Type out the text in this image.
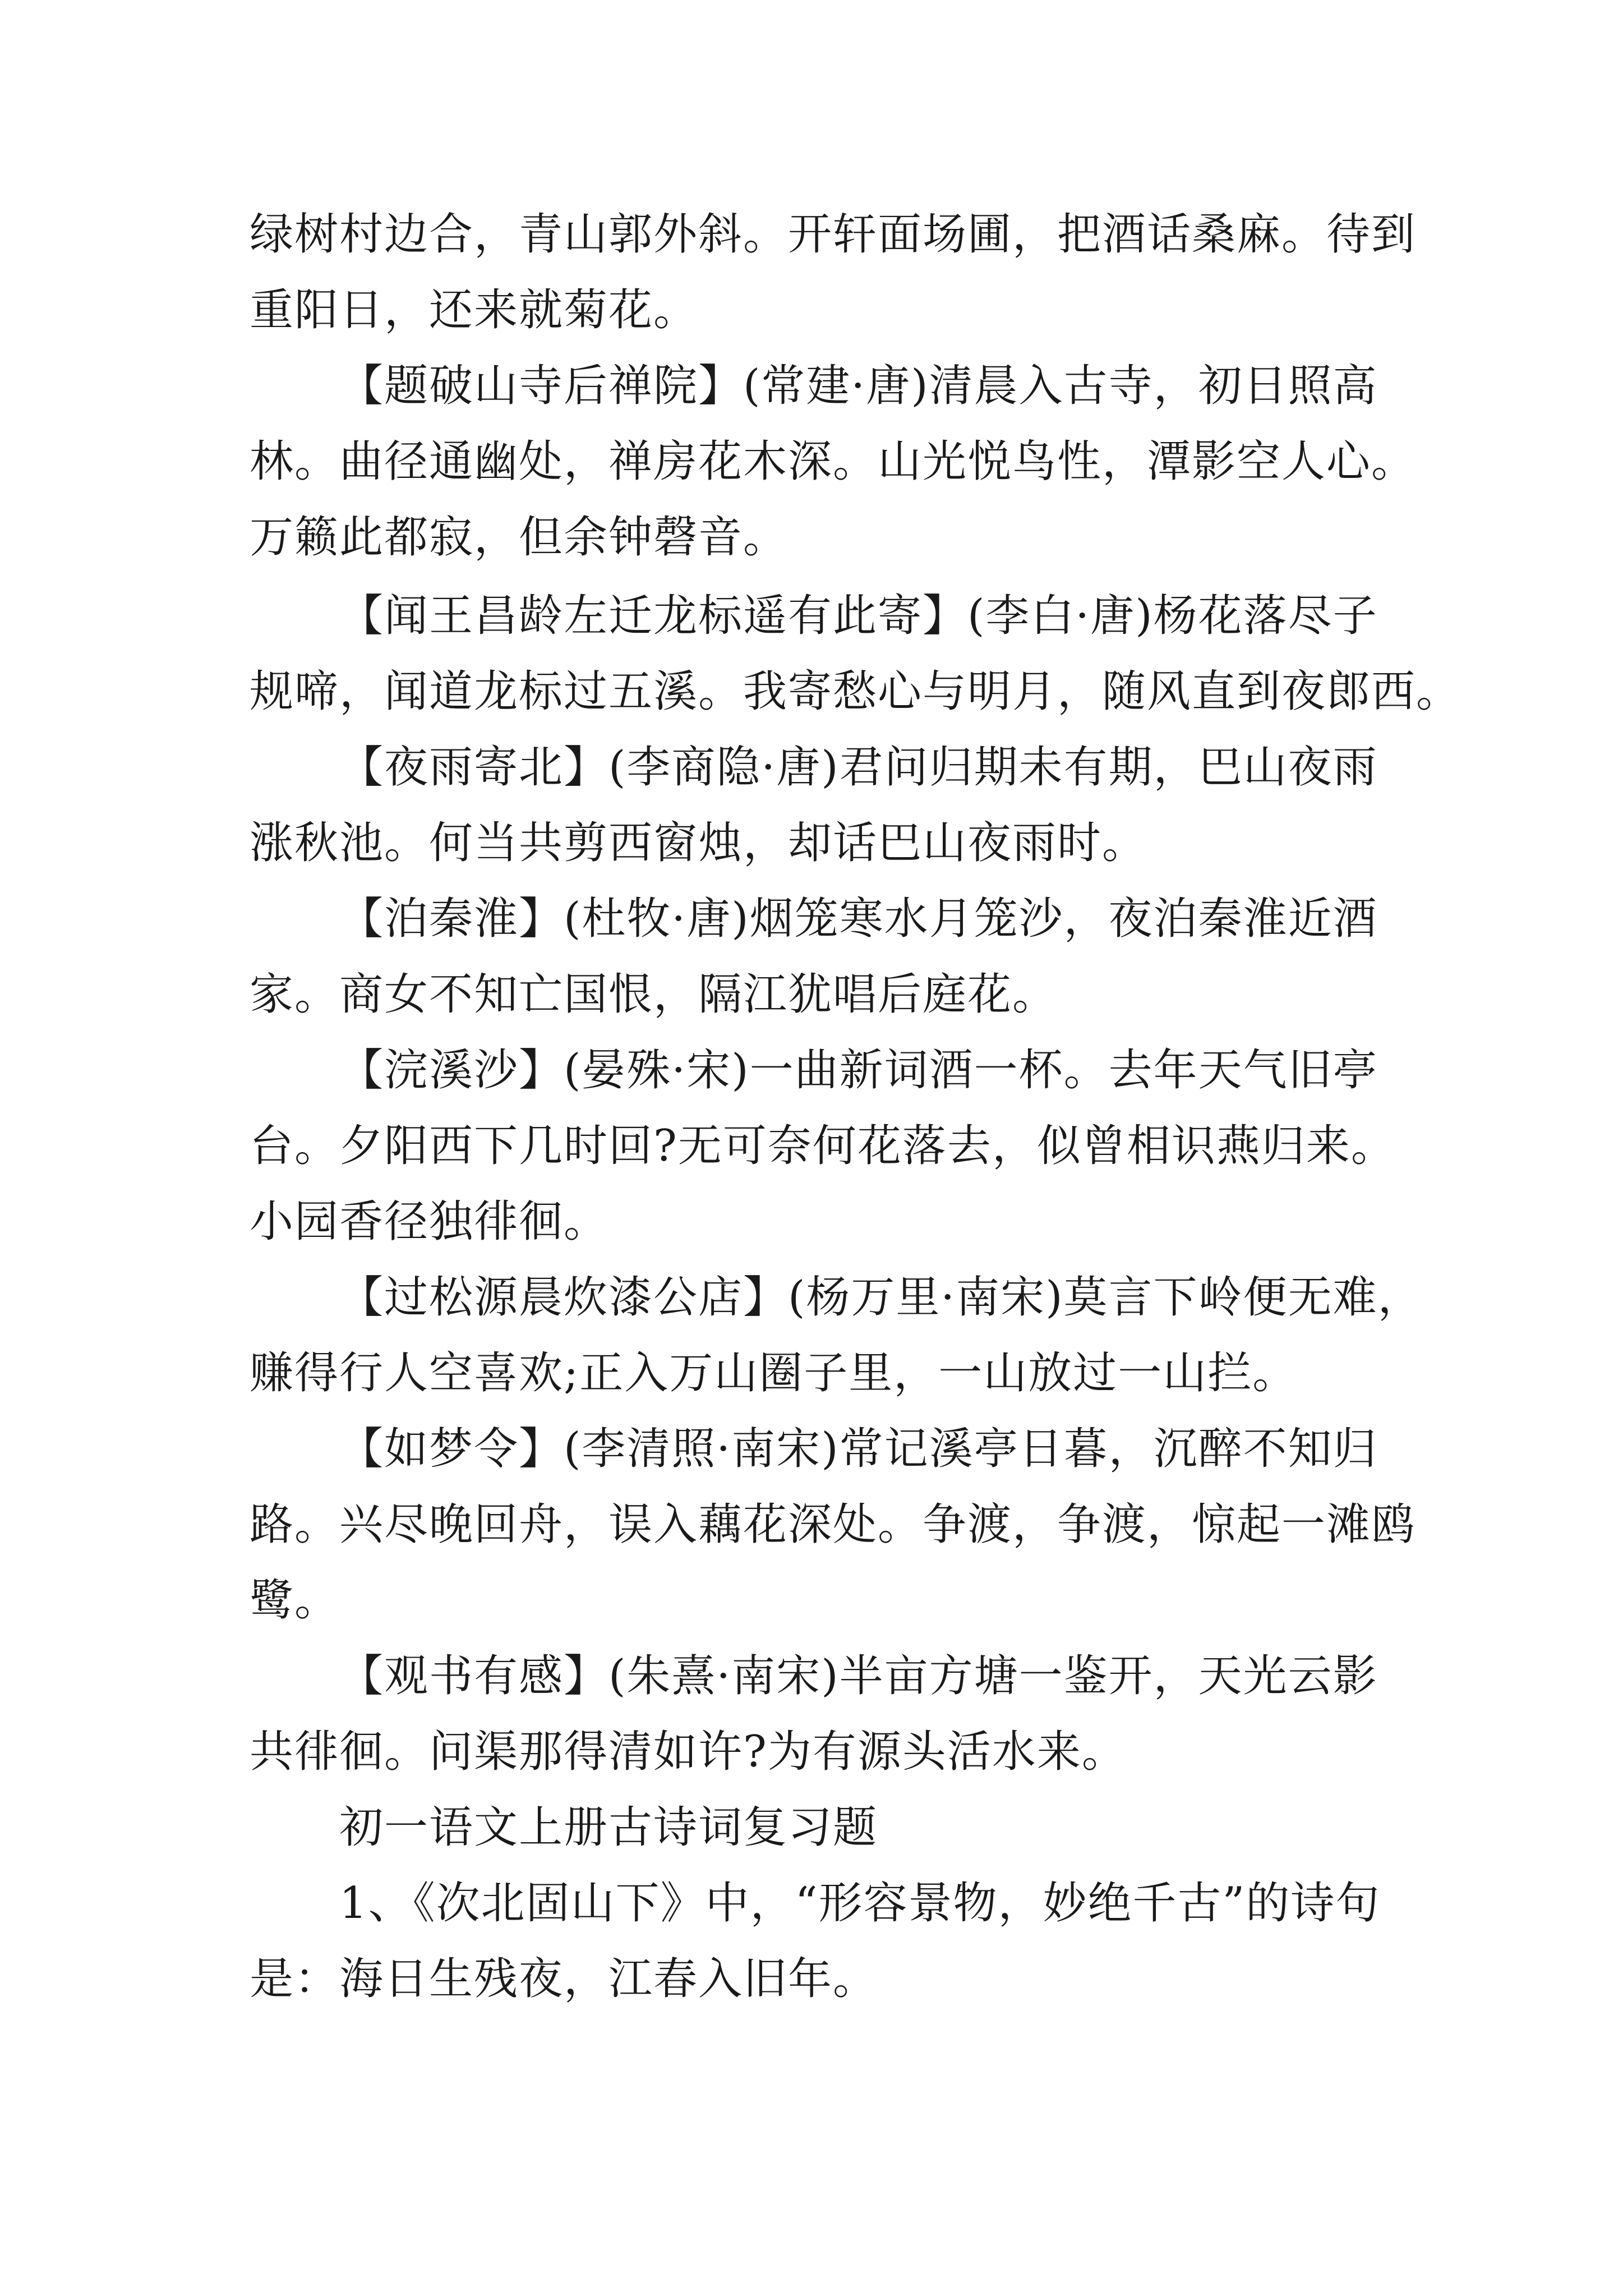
绿树村边合，青山郭外斜。开轩面场圃，把酒话桑麻。待到
重阳日，还来就菊花。
【题破山寺后禅院】(常建·唐)清晨入古寺，初日照高
林。曲径通幽处，禅房花木深。山光悦鸟性，潭影空人心。
万籁此都寂，但余钟磬音。
【闻王昌龄左迁龙标遥有此寄】(李白·唐)杨花落尽子
规啼，闻道龙标过五溪。我寄愁心与明月，随风直到夜郎西。
【夜雨寄北】(李商隐·唐)君问归期未有期，巴山夜雨
涨秋池。何当共剪西窗烛，却话巴山夜雨时。
【泊秦淮】(杜牧·唐)烟笼寒水月笼沙，夜泊秦淮近酒
家。商女不知亡国恨，隔江犹唱后庭花。
【浣溪沙】(晏殊·宋)一曲新词酒一杯。去年天气旧亭
台。夕阳西下几时回?无可奈何花落去，似曾相识燕归来。
小园香径独徘徊。
【过松源晨炊漆公店】(杨万里·南宋)莫言下岭便无难，
赚得行人空喜欢;正入万山圈子里，一山放过一山拦。
【如梦令】(李清照·南宋)常记溪亭日暮，沉醉不知归
路。兴尽晚回舟，误入藕花深处。争渡，争渡，惊起一滩鸥
鹭。
【观书有感】(朱熹·南宋)半亩方塘一鉴开，天光云影
共徘徊。问渠那得清如许?为有源头活水来。
初一语文上册古诗词复习题
1、《次北固山下》中，“形容景物，妙绝千古”的诗句
是：海日生残夜，江春入旧年。
